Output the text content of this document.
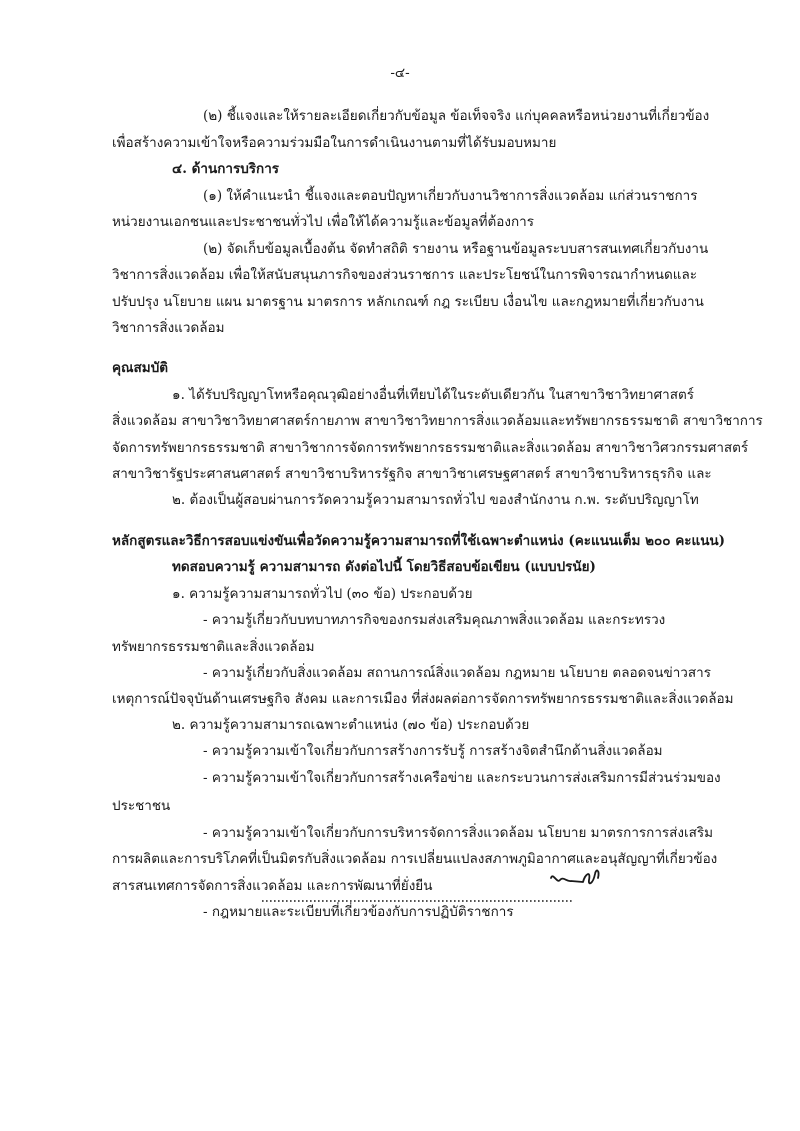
-๔-
(๒) ชี้แจงและให้รายละเอียดเกี่ยวกับข้อมูล ข้อเท็จจริง แก่บุคคลหรือหน่วยงานที่เกี่ยวข้อง
เพื่อสร้างความเข้าใจหรือความร่วมมือในการดำเนินงานตามที่ได้รับมอบหมาย
๔. ด้านการบริการ
(๑) ให้คำแนะนำ ชี้แจงและตอบปัญหาเกี่ยวกับงานวิชาการสิ่งแวดล้อม แก่ส่วนราชการ
หน่วยงานเอกชนและประชาชนทั่วไป เพื่อให้ได้ความรู้และข้อมูลที่ต้องการ
(๒) จัดเก็บข้อมูลเบื้องต้น จัดทำสถิติ รายงาน หรือฐานข้อมูลระบบสารสนเทศเกี่ยวกับงาน
วิชาการสิ่งแวดล้อม เพื่อให้สนับสนุนภารกิจของส่วนราชการ และประโยชน์ในการพิจารณากำหนดและ
ปรับปรุง นโยบาย แผน มาตรฐาน มาตรการ หลักเกณฑ์ กฎ ระเบียบ เงื่อนไข และกฎหมายที่เกี่ยวกับงาน
วิชาการสิ่งแวดล้อม
คุณสมบัติ
๑. ได้รับปริญญาโทหรือคุณวุฒิอย่างอื่นที่เทียบได้ในระดับเดียวกัน ในสาขาวิชาวิทยาศาสตร์
สิ่งแวดล้อม สาขาวิชาวิทยาศาสตร์กายภาพ สาขาวิชาวิทยาการสิ่งแวดล้อมและทรัพยากรธรรมชาติ สาขาวิชาการ
จัดการทรัพยากรธรรมชาติ สาขาวิชาการจัดการทรัพยากรธรรมชาติและสิ่งแวดล้อม สาขาวิชาวิศวกรรมศาสตร์
สาขาวิชารัฐประศาสนศาสตร์ สาขาวิชาบริหารรัฐกิจ สาขาวิชาเศรษฐศาสตร์ สาขาวิชาบริหารธุรกิจ และ
๒. ต้องเป็นผู้สอบผ่านการวัดความรู้ความสามารถทั่วไป ของสำนักงาน ก.พ. ระดับปริญญาโท
หลักสูตรและวิธีการสอบแข่งขันเพื่อวัดความรู้ความสามารถที่ใช้เฉพาะตำแหน่ง (คะแนนเต็ม ๒๐๐ คะแนน)
ทดสอบความรู้ ความสามารถ ดังต่อไปนี้ โดยวิธีสอบข้อเขียน (แบบปรนัย)
๑. ความรู้ความสามารถทั่วไป (๓๐ ข้อ) ประกอบด้วย
- ความรู้เกี่ยวกับบทบาทภารกิจของกรมส่งเสริมคุณภาพสิ่งแวดล้อม และกระทรวง
ทรัพยากรธรรมชาติและสิ่งแวดล้อม
- ความรู้เกี่ยวกับสิ่งแวดล้อม สถานการณ์สิ่งแวดล้อม กฎหมาย นโยบาย ตลอดจนข่าวสาร
เหตุการณ์ปัจจุบันด้านเศรษฐกิจ สังคม และการเมือง ที่ส่งผลต่อการจัดการทรัพยากรธรรมชาติและสิ่งแวดล้อม
๒. ความรู้ความสามารถเฉพาะตำแหน่ง (๗๐ ข้อ) ประกอบด้วย
- ความรู้ความเข้าใจเกี่ยวกับการสร้างการรับรู้ การสร้างจิตสำนึกด้านสิ่งแวดล้อม
- ความรู้ความเข้าใจเกี่ยวกับการสร้างเครือข่าย และกระบวนการส่งเสริมการมีส่วนร่วมของ
ประชาชน
- ความรู้ความเข้าใจเกี่ยวกับการบริหารจัดการสิ่งแวดล้อม นโยบาย มาตรการการส่งเสริม
การผลิตและการบริโภคที่เป็นมิตรกับสิ่งแวดล้อม การเปลี่ยนแปลงสภาพภูมิอากาศและอนุสัญญาที่เกี่ยวข้อง
สารสนเทศการจัดการสิ่งแวดล้อม และการพัฒนาที่ยั่งยืน
- กฎหมายและระเบียบที่เกี่ยวข้องกับการปฏิบัติราชการ
